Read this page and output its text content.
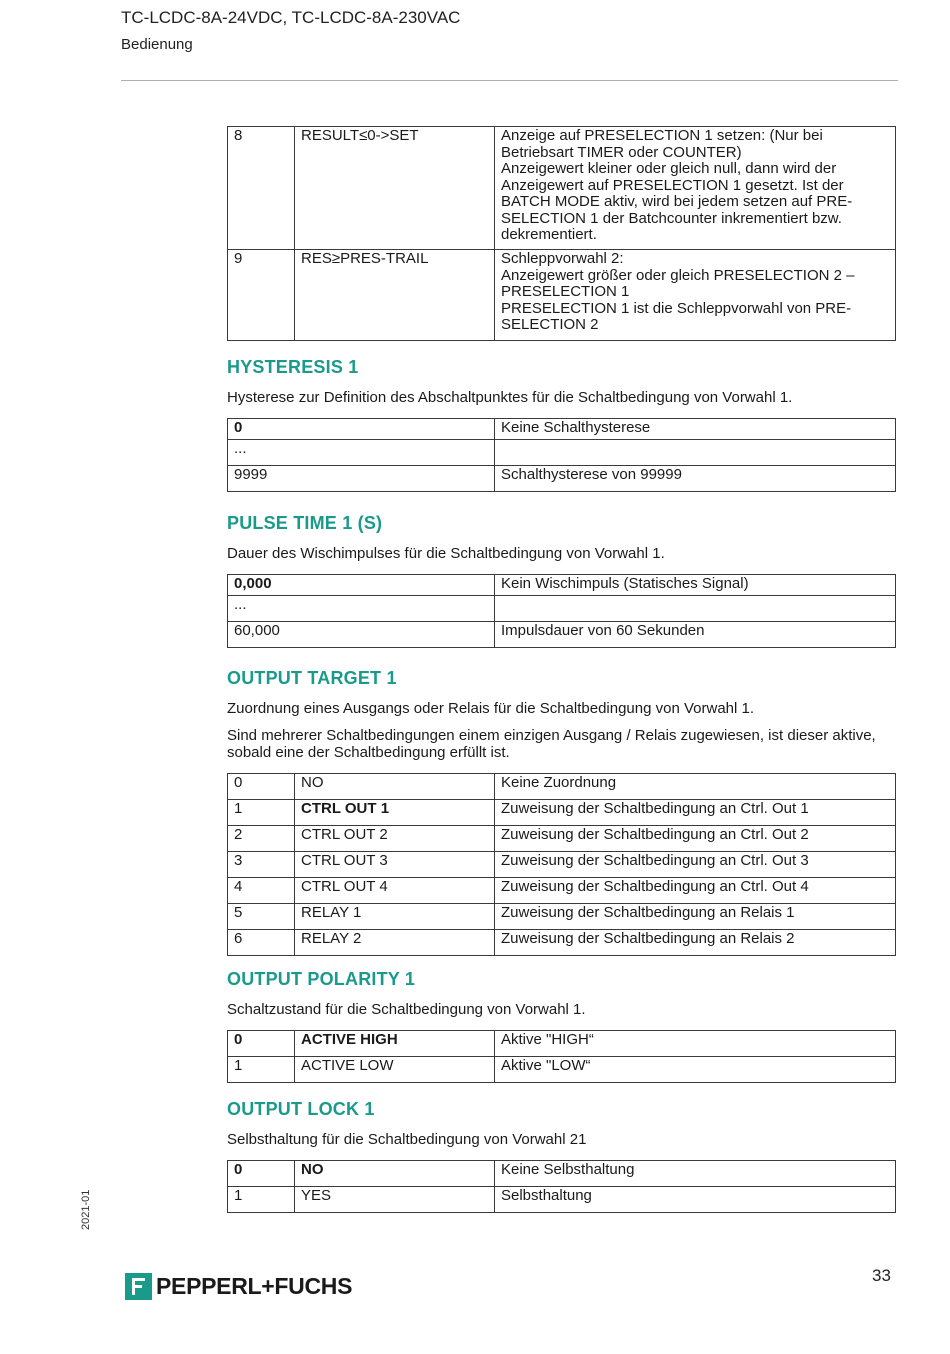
TC-LCDC-8A-24VDC, TC-LCDC-8A-230VAC
Bedienung
8	RESULT≤0->SET	Anzeige auf PRESELECTION 1 setzen: (Nur bei Betriebsart TIMER oder COUNTER)
Anzeigewert kleiner oder gleich null, dann wird der Anzeigewert auf PRESELECTION 1 gesetzt. Ist der BATCH MODE aktiv, wird bei jedem setzen auf PRE-SELECTION 1 der Batchcounter inkrementiert bzw. dekrementiert.
9	RES≥PRES-TRAIL	Schleppvorwahl 2:
Anzeigewert größer oder gleich PRESELECTION 2 – PRESELECTION 1
PRESELECTION 1 ist die Schleppvorwahl von PRE-SELECTION 2
HYSTERESIS 1
Hysterese zur Definition des Abschaltpunktes für die Schaltbedingung von Vorwahl 1.
0	Keine Schalthysterese
...	
9999	Schalthysterese von 99999
PULSE TIME 1 (S)
Dauer des Wischimpulses für die Schaltbedingung von Vorwahl 1.
0,000	Kein Wischimpuls (Statisches Signal)
...	
60,000	Impulsdauer von 60 Sekunden
OUTPUT TARGET 1
Zuordnung eines Ausgangs oder Relais für die Schaltbedingung von Vorwahl 1.
Sind mehrerer Schaltbedingungen einem einzigen Ausgang / Relais zugewiesen, ist dieser aktive, sobald eine der Schaltbedingung erfüllt ist.
0	NO	Keine Zuordnung
1	CTRL OUT 1	Zuweisung der Schaltbedingung an Ctrl. Out 1
2	CTRL OUT 2	Zuweisung der Schaltbedingung an Ctrl. Out 2
3	CTRL OUT 3	Zuweisung der Schaltbedingung an Ctrl. Out 3
4	CTRL OUT 4	Zuweisung der Schaltbedingung an Ctrl. Out 4
5	RELAY 1	Zuweisung der Schaltbedingung an Relais 1
6	RELAY 2	Zuweisung der Schaltbedingung an Relais 2
OUTPUT POLARITY 1
Schaltzustand für die Schaltbedingung von Vorwahl 1.
0	ACTIVE HIGH	Aktive "HIGH“
1	ACTIVE LOW	Aktive "LOW“
OUTPUT LOCK 1
Selbsthaltung für die Schaltbedingung von Vorwahl 21
0	NO	Keine Selbsthaltung
1	YES	Selbsthaltung
2021-01
33
PEPPERL+FUCHS
